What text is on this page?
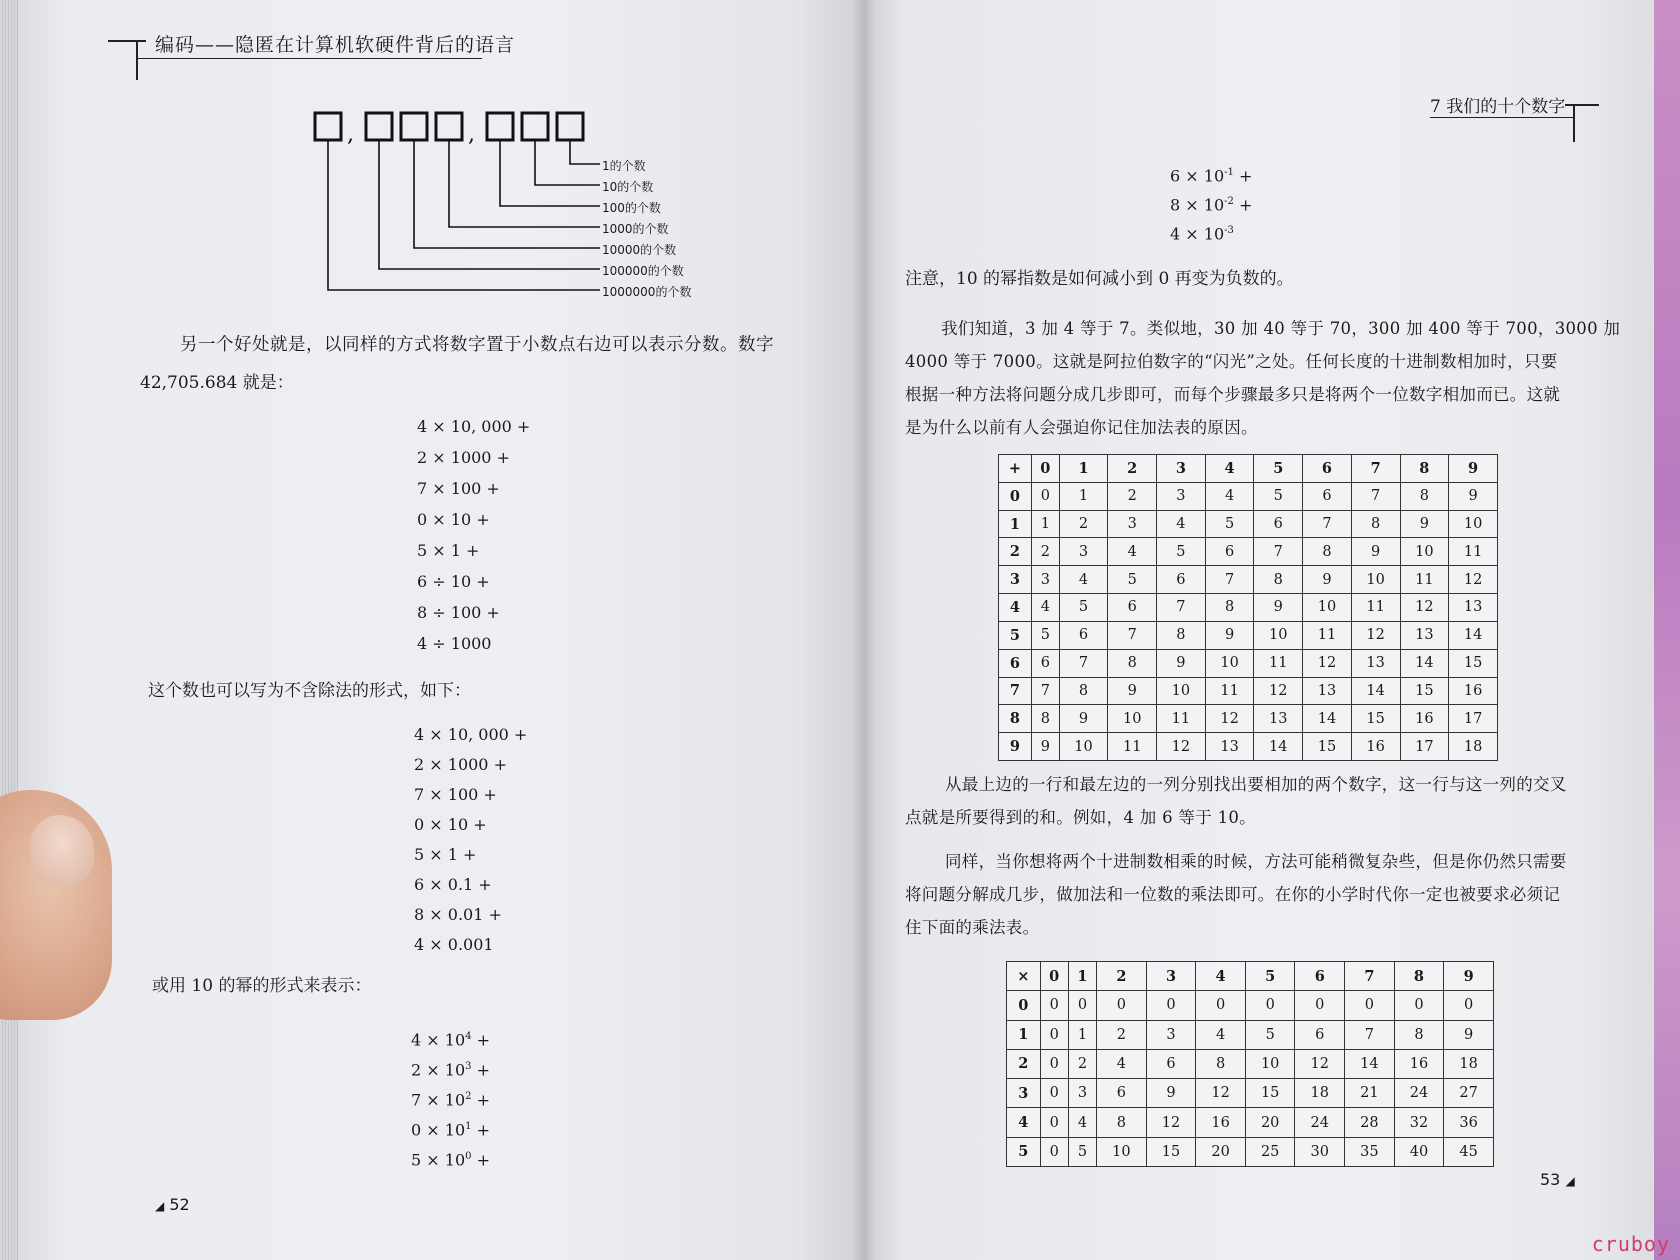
编码——隐匿在计算机软硬件背后的语言
,	,
1的个数
10的个数
100的个数
1000的个数
10000的个数
100000的个数
1000000的个数
另一个好处就是，以同样的方式将数字置于小数点右边可以表示分数。数字
42,705.684 就是：
4 × 10, 000 +
2 × 1000 +
7 × 100 +
0 × 10 +
5 × 1 +
6 ÷ 10 +
8 ÷ 100 +
4 ÷ 1000
这个数也可以写为不含除法的形式，如下：
4 × 10, 000 +
2 × 1000 +
7 × 100 +
0 × 10 +
5 × 1 +
6 × 0.1 +
8 × 0.01 +
4 × 0.001
或用 10 的幂的形式来表示：
$4 \times 10^4$ +
$2 \times 10^3$ +
$7 \times 10^2$ +
$0 \times 10^1$ +
$5 \times 10^0$ +
◢ 52
7 我们的十个数字
$6 \times 10^{-1}$ +
$8 \times 10^{-2}$ +
$4 \times 10^{-3}$
注意，10 的幂指数是如何减小到 0 再变为负数的。
我们知道，3 加 4 等于 7。类似地，30 加 40 等于 70，300 加 400 等于 700，3000 加
4000 等于 7000。这就是阿拉伯数字的“闪光”之处。任何长度的十进制数相加时，只要
根据一种方法将问题分成几步即可，而每个步骤最多只是将两个一位数字相加而已。这就
是为什么以前有人会强迫你记住加法表的原因。
+	0	1	2	3	4	5	6	7	8	9
0	0	1	2	3	4	5	6	7	8	9
1	1	2	3	4	5	6	7	8	9	10
2	2	3	4	5	6	7	8	9	10	11
3	3	4	5	6	7	8	9	10	11	12
4	4	5	6	7	8	9	10	11	12	13
5	5	6	7	8	9	10	11	12	13	14
6	6	7	8	9	10	11	12	13	14	15
7	7	8	9	10	11	12	13	14	15	16
8	8	9	10	11	12	13	14	15	16	17
9	9	10	11	12	13	14	15	16	17	18
从最上边的一行和最左边的一列分别找出要相加的两个数字，这一行与这一列的交叉
点就是所要得到的和。例如，4 加 6 等于 10。
同样，当你想将两个十进制数相乘的时候，方法可能稍微复杂些，但是你仍然只需要
将问题分解成几步，做加法和一位数的乘法即可。在你的小学时代你一定也被要求必须记
住下面的乘法表。
×	0	1	2	3	4	5	6	7	8	9
0	0	0	0	0	0	0	0	0	0	0
1	0	1	2	3	4	5	6	7	8	9
2	0	2	4	6	8	10	12	14	16	18
3	0	3	6	9	12	15	18	21	24	27
4	0	4	8	12	16	20	24	28	32	36
5	0	5	10	15	20	25	30	35	40	45
53 ◢
cruboy
